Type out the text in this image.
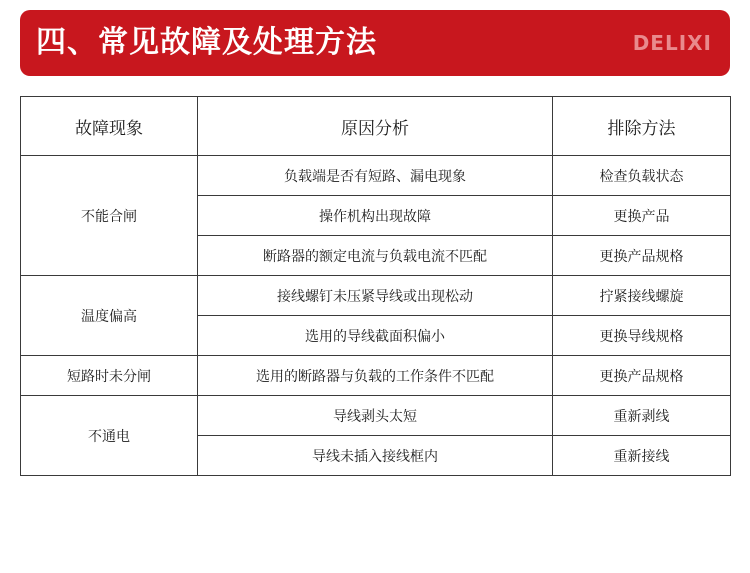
四、常见故障及处理方法	DELIXI
故障现象	原因分析	排除方法
不能合闸	负载端是否有短路、漏电现象	检查负载状态
	操作机构出现故障	更换产品
	断路器的额定电流与负载电流不匹配	更换产品规格
温度偏高	接线螺钉未压紧导线或出现松动	拧紧接线螺旋
	选用的导线截面积偏小	更换导线规格
短路时未分闸	选用的断路器与负载的工作条件不匹配	更换产品规格
不通电	导线剥头太短	重新剥线
	导线未插入接线框内	重新接线
